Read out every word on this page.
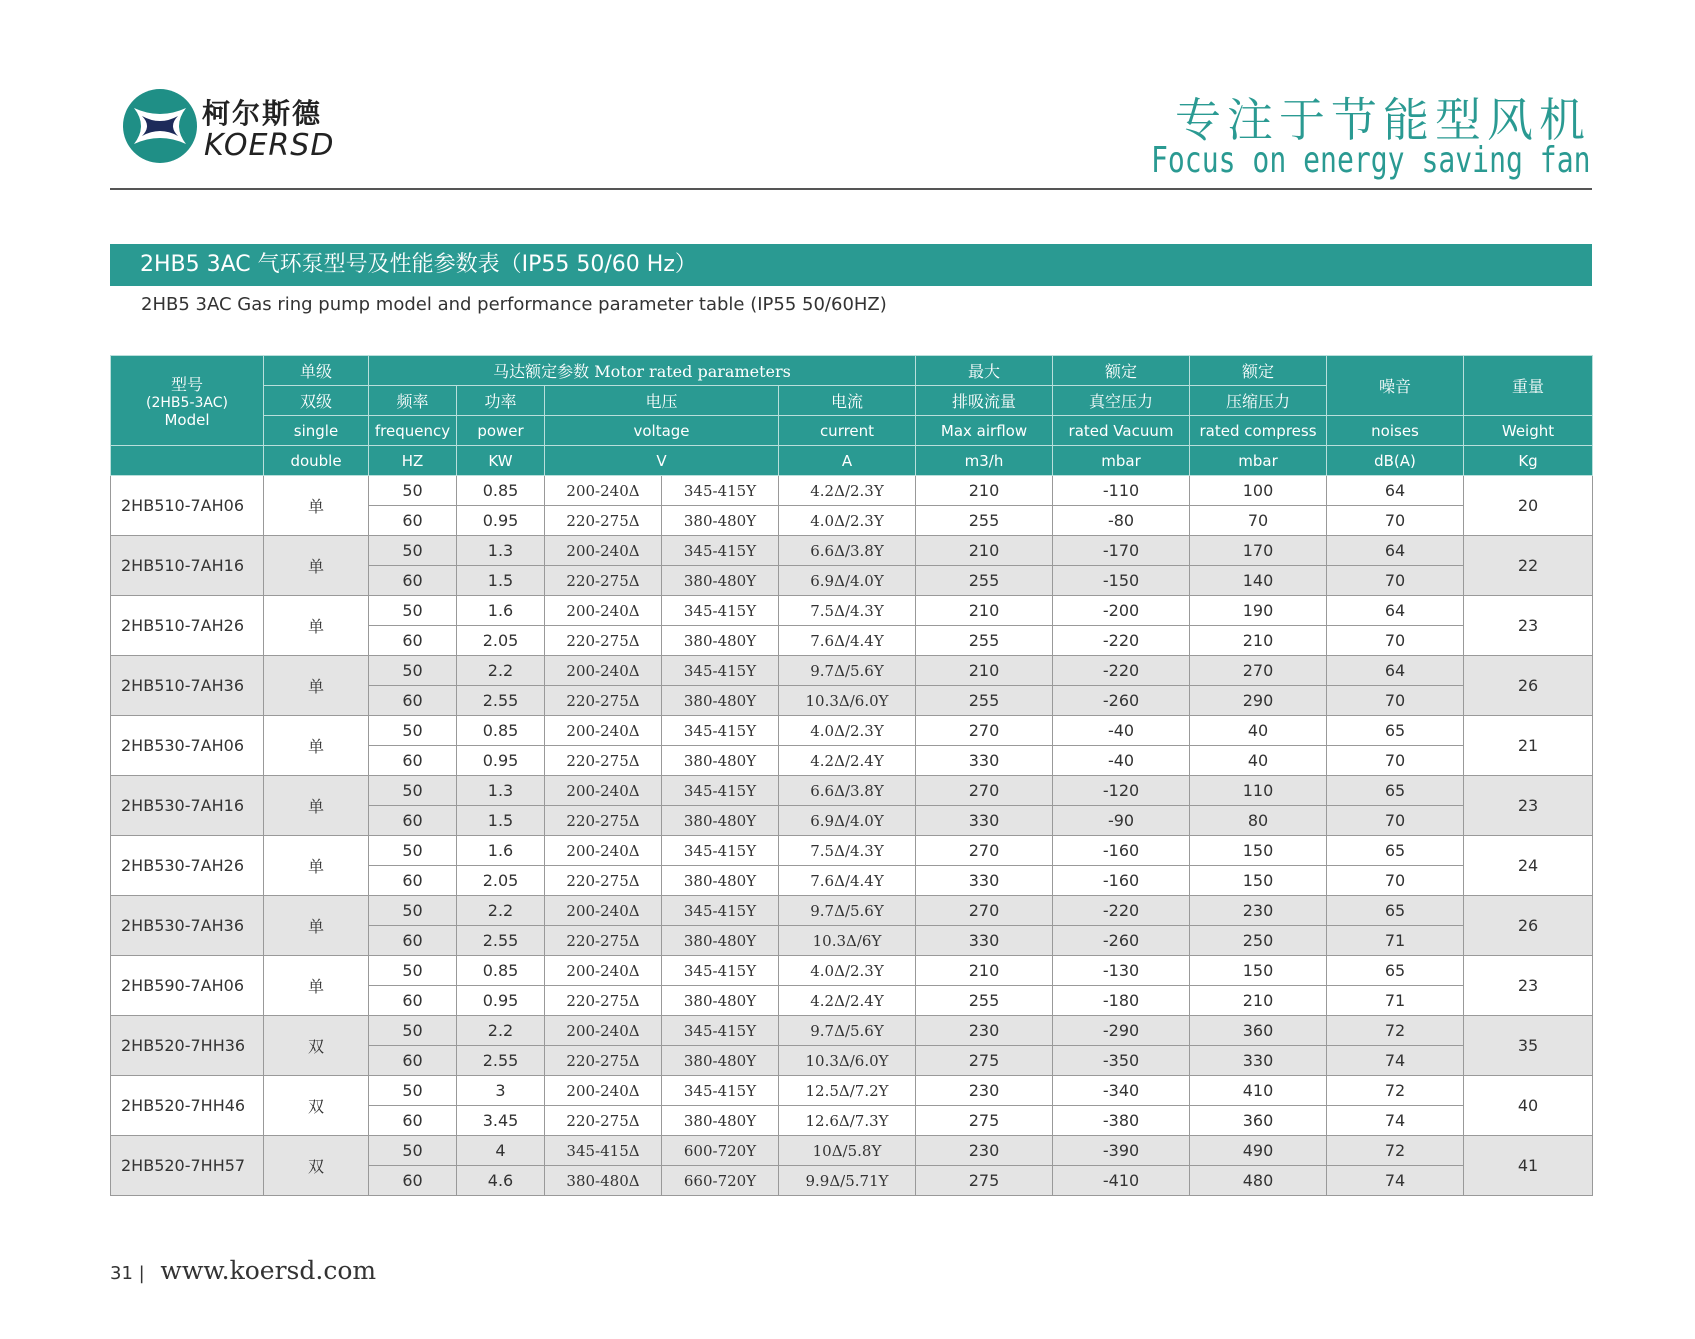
柯尔斯德
KOERSD	专注于节能型风机
Focus on energy saving fan
2HB5 3AC 气环泵型号及性能参数表（IP55 50/60 Hz）
2HB5 3AC Gas ring pump model and performance parameter table (IP55 50/60HZ)
型号
(2HB5-3AC)
Model	单级	马达额定参数 Motor rated parameters					最大	额定	额定	噪音	重量
	双级	频率	功率	电压		电流	排吸流量	真空压力	压缩压力		
	single	frequency	power	voltage		current	Max airflow	rated Vacuum	rated compress	noises	Weight
	double	HZ	KW	V		A	m3/h	mbar	mbar	dB(A)	Kg
2HB510-7AH06	单	50	0.85	200-240Δ	345-415Y	4.2Δ/2.3Y	210	-110	100	64	20
		60	0.95	220-275Δ	380-480Y	4.0Δ/2.3Y	255	-80	70	70	
2HB510-7AH16	单	50	1.3	200-240Δ	345-415Y	6.6Δ/3.8Y	210	-170	170	64	22
		60	1.5	220-275Δ	380-480Y	6.9Δ/4.0Y	255	-150	140	70	
2HB510-7AH26	单	50	1.6	200-240Δ	345-415Y	7.5Δ/4.3Y	210	-200	190	64	23
		60	2.05	220-275Δ	380-480Y	7.6Δ/4.4Y	255	-220	210	70	
2HB510-7AH36	单	50	2.2	200-240Δ	345-415Y	9.7Δ/5.6Y	210	-220	270	64	26
		60	2.55	220-275Δ	380-480Y	10.3Δ/6.0Y	255	-260	290	70	
2HB530-7AH06	单	50	0.85	200-240Δ	345-415Y	4.0Δ/2.3Y	270	-40	40	65	21
		60	0.95	220-275Δ	380-480Y	4.2Δ/2.4Y	330	-40	40	70	
2HB530-7AH16	单	50	1.3	200-240Δ	345-415Y	6.6Δ/3.8Y	270	-120	110	65	23
		60	1.5	220-275Δ	380-480Y	6.9Δ/4.0Y	330	-90	80	70	
2HB530-7AH26	单	50	1.6	200-240Δ	345-415Y	7.5Δ/4.3Y	270	-160	150	65	24
		60	2.05	220-275Δ	380-480Y	7.6Δ/4.4Y	330	-160	150	70	
2HB530-7AH36	单	50	2.2	200-240Δ	345-415Y	9.7Δ/5.6Y	270	-220	230	65	26
		60	2.55	220-275Δ	380-480Y	10.3Δ/6Y	330	-260	250	71	
2HB590-7AH06	单	50	0.85	200-240Δ	345-415Y	4.0Δ/2.3Y	210	-130	150	65	23
		60	0.95	220-275Δ	380-480Y	4.2Δ/2.4Y	255	-180	210	71	
2HB520-7HH36	双	50	2.2	200-240Δ	345-415Y	9.7Δ/5.6Y	230	-290	360	72	35
		60	2.55	220-275Δ	380-480Y	10.3Δ/6.0Y	275	-350	330	74	
2HB520-7HH46	双	50	3	200-240Δ	345-415Y	12.5Δ/7.2Y	230	-340	410	72	40
		60	3.45	220-275Δ	380-480Y	12.6Δ/7.3Y	275	-380	360	74	
2HB520-7HH57	双	50	4	345-415Δ	600-720Y	10Δ/5.8Y	230	-390	490	72	41
		60	4.6	380-480Δ	660-720Y	9.9Δ/5.71Y	275	-410	480	74	
31 | www.koersd.com
